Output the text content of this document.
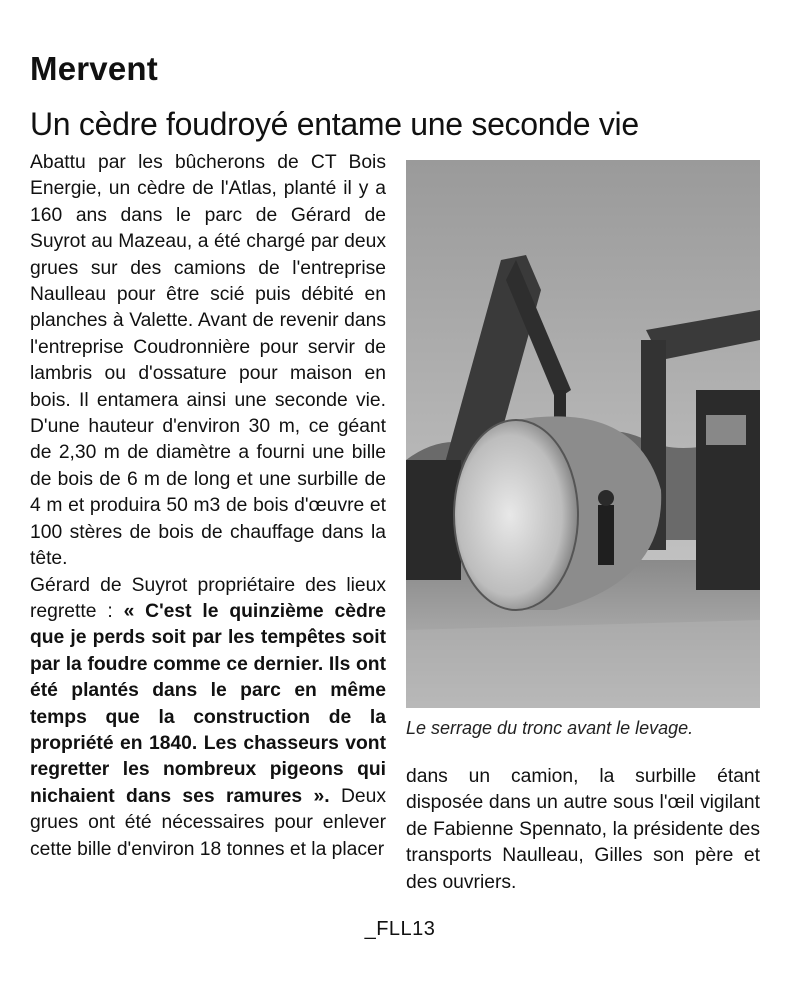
Mervent
Un cèdre foudroyé entame une seconde vie

Abattu par les bûcherons de CT Bois Energie, un cèdre de l'Atlas, planté il y a 160 ans dans le parc de Gérard de Suyrot au Mazeau, a été chargé par deux grues sur des camions de l'entreprise Naulleau pour être scié puis débité en planches à Valette. Avant de revenir dans l'entreprise Coudronnière pour servir de lambris ou d'ossature pour maison en bois. Il entamera ainsi une seconde vie. D'une hauteur d'environ 30 m, ce géant de 2,30 m de diamètre a fourni une bille de bois de 6 m de long et une surbille de 4 m et produira 50 m3 de bois d'œuvre et 100 stères de bois de chauffage dans la tête.

Gérard de Suyrot propriétaire des lieux regrette : « C'est le quinzième cèdre que je perds soit par les tempêtes soit par la foudre comme ce dernier. Ils ont été plantés dans le parc en même temps que la construction de la propriété en 1840. Les chasseurs vont regretter les nombreux pigeons qui nichaient dans ses ramures ». Deux grues ont été nécessaires pour enlever cette bille d'environ 18 tonnes et la placer

Le serrage du tronc avant le levage.
dans un camion, la surbille étant disposée dans un autre sous l'œil vigilant de Fabienne Spennato, la présidente des transports Naulleau, Gilles son père et des ouvriers.
_FLL13
